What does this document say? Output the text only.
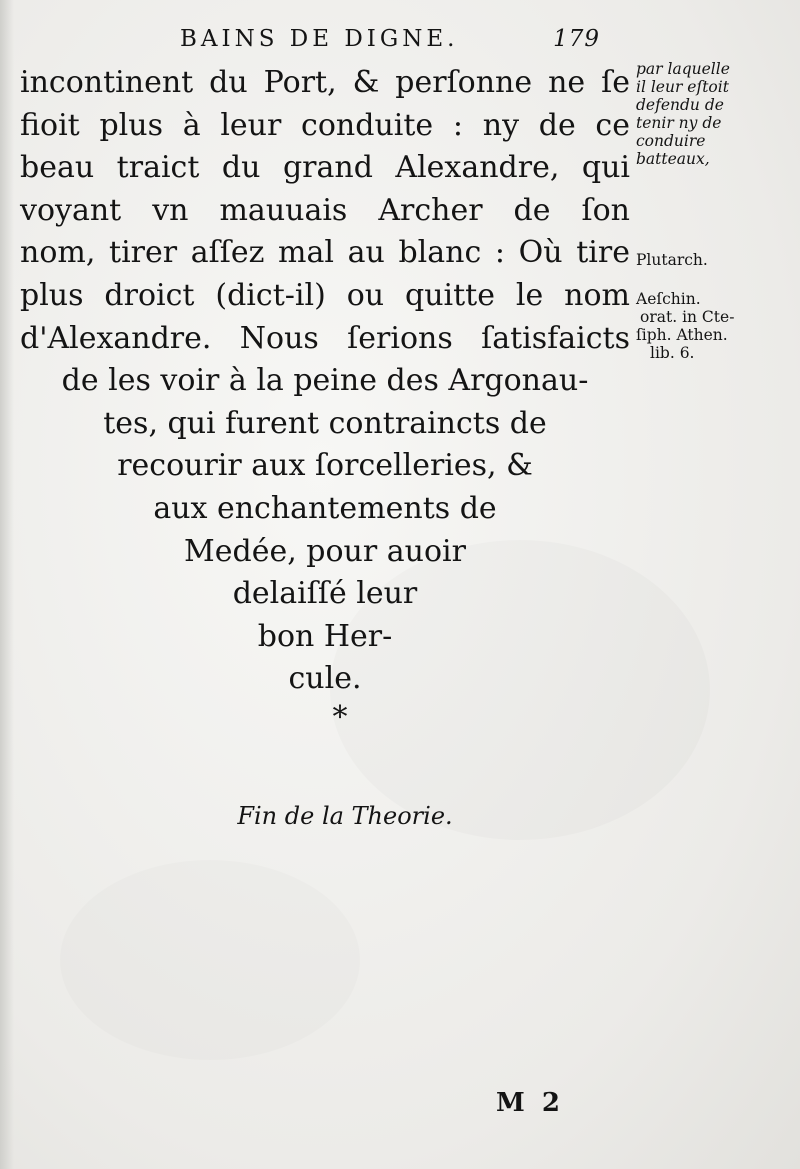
BAINS DE DIGNE.	179
incontinent du Port, & perſonne ne ſe
fioit plus à leur conduite : ny de ce
beau traict du grand Alexandre, qui
voyant vn mauuais Archer de ſon
nom, tirer aſſez mal au blanc : Où tire
plus droict (dict-il) ou quitte le nom
d'Alexandre. Nous ſerions ſatisfaicts
de les voir à la peine des Argonau-
tes, qui furent contraincts de
recourir aux ſorcelleries, &
aux enchantements de
Medée, pour auoir
delaiſſé leur
bon Her-
cule.
par laquelle
il leur eſtoit
defendu de
tenir ny de
conduire
batteaux,
Plutarch.
Aeſchin.
orat. in Cte-
ſiph. Athen.
lib. 6.
*
Fin de la Theorie.
M 2
